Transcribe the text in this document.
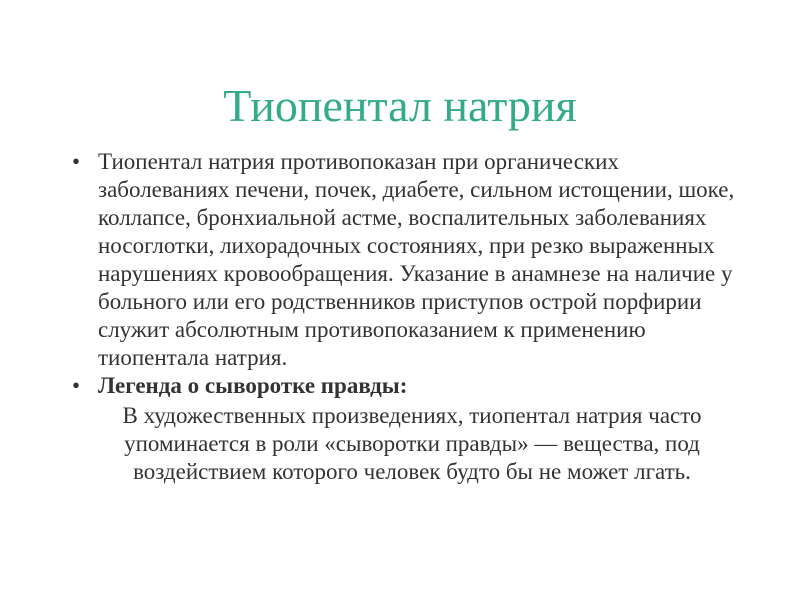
Тиопентал натрия
• Тиопентал натрия противопоказан при органических заболеваниях печени, почек, диабете, сильном истощении, шоке, коллапсе, бронхиальной астме, воспалительных заболеваниях носоглотки, лихорадочных состояниях, при резко выраженных нарушениях кровообращения. Указание в анамнезе на наличие у больного или его родственников приступов острой порфирии служит абсолютным противопоказанием к применению тиопентала натрия.
• Легенда о сыворотке правды:
В художественных произведениях, тиопентал натрия часто упоминается в роли «сыворотки правды» — вещества, под воздействием которого человек будто бы не может лгать.
